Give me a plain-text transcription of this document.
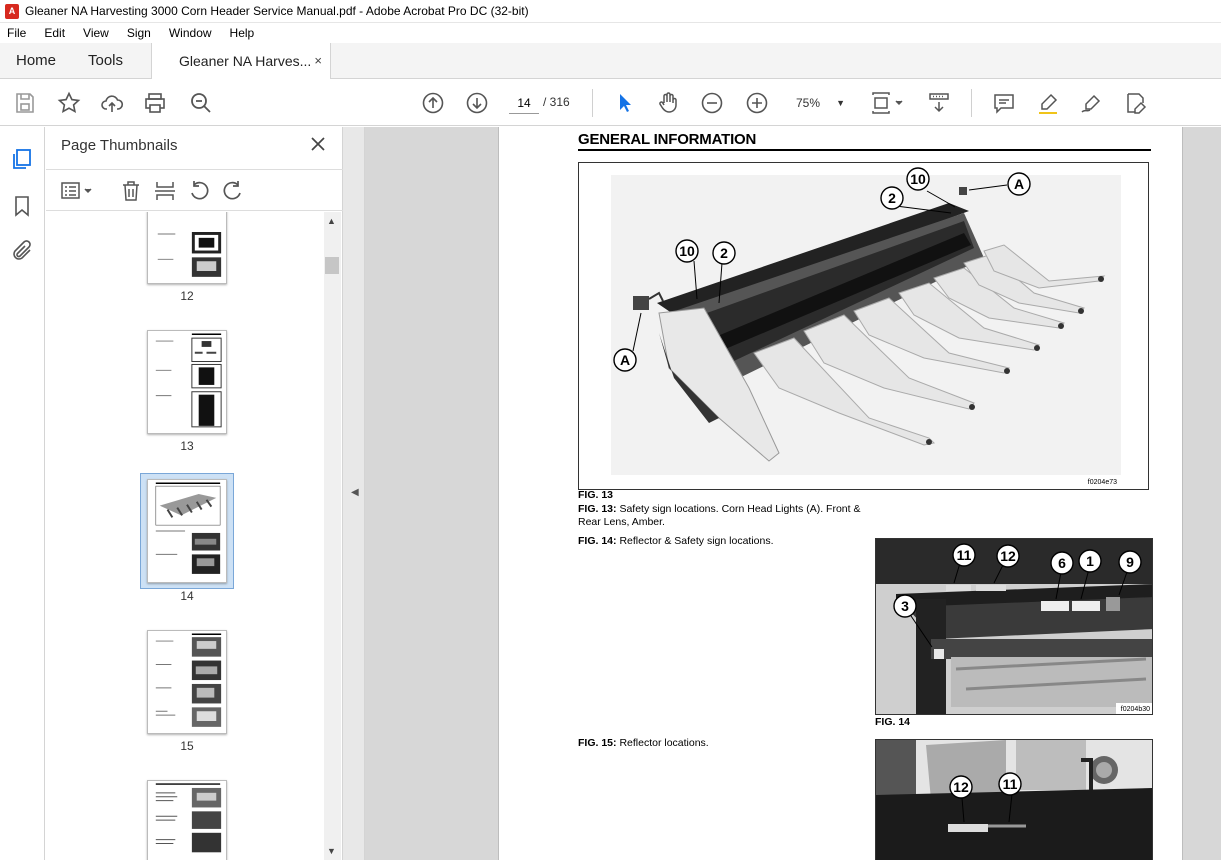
A Gleaner NA Harvesting 3000 Corn Header Service Manual.pdf - Adobe Acrobat Pro DC (32-bit)
File Edit View Sign Window Help
Home Tools	Gleaner NA Harves... ×
14
/ 316	75% ▼
Page Thumbnails
12
13
14
15
▲
▼
◀
GENERAL INFORMATION
A
10 2
2
10	A
f0204e73
FIG. 13
FIG. 13: Safety sign locations. Corn Head Lights (A). Front & Rear Lens, Amber.
FIG. 14: Reflector & Safety sign locations.
11 12	6 1 9
3
f0204b30
FIG. 14
FIG. 15: Reflector locations.
12 11
